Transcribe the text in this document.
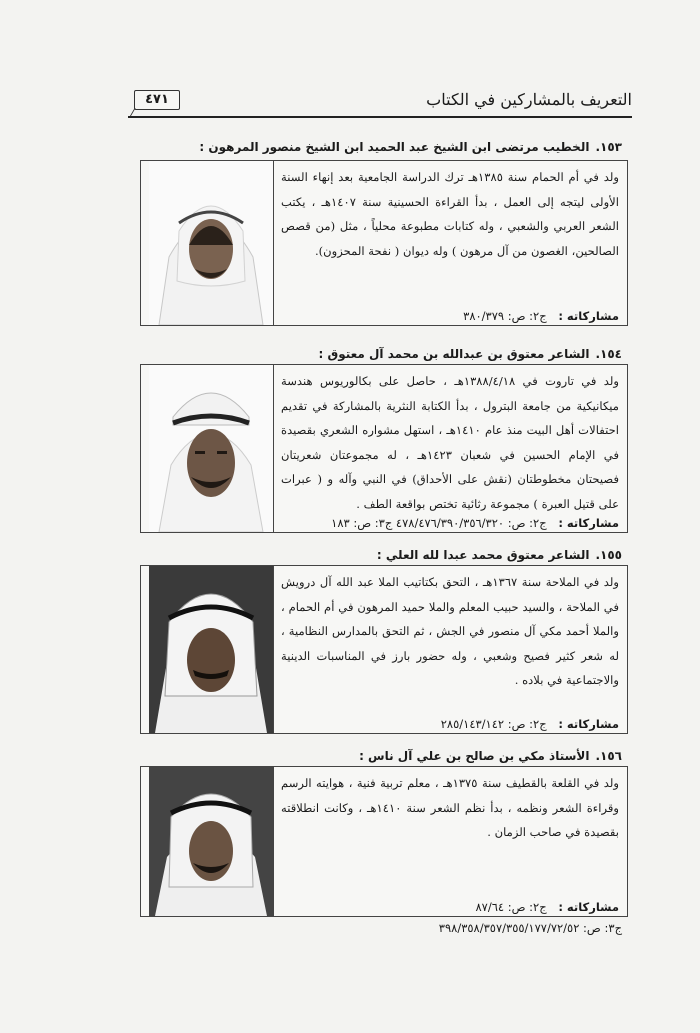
٤٧١	التعريف بالمشاركين في الكتاب
١٥٣.الخطيب مرتضى ابن الشيخ عبد الحميد ابن الشيخ منصور المرهون :
ولد في أم الحمام سنة ١٣٨٥هـ ترك الدراسة الجامعية بعد إنهاء السنة الأولى ليتجه إلى العمل ، بدأ القراءة الحسينية سنة ١٤٠٧هـ ، يكتب الشعر العربي والشعبي ، وله كتابات مطبوعة محلياً ، مثل (من قصص الصالحين، الغصون من آل مرهون ) وله ديوان ( نفحة المحزون).
مشاركاته : ج٢: ص: ٣٨٠/٣٧٩
١٥٤.الشاعر معتوق بن عبدالله بن محمد آل معتوق :
ولد في تاروت في ١٣٨٨/٤/١٨هـ ، حاصل على بكالوريوس هندسة ميكانيكية من جامعة البترول ، بدأ الكتابة النثرية بالمشاركة في تقديم احتفالات أهل البيت منذ عام ١٤١٠هـ ، استهل مشواره الشعري بقصيدة في الإمام الحسين في شعبان ١٤٢٣هـ ، له مجموعتان شعريتان فصيحتان مخطوطتان (نقش على الأحداق) في النبي وآله و ( عبرات على قتيل العبرة ) مجموعة رثائية تختص بواقعة الطف .
مشاركاته : ج٢: ص: ٤٧٨/٤٧٦/٣٩٠/٣٥٦/٣٢٠ ج٣: ص: ١٨٣
١٥٥.الشاعر معتوق محمد عبدا لله العلي :
ولد في الملاحة سنة ١٣٦٧هـ ، التحق بكتاتيب الملا عبد الله آل درويش في الملاحة ، والسيد حبيب المعلم والملا حميد المرهون في أم الحمام ، والملا أحمد مكي آل منصور في الجش ، ثم التحق بالمدارس النظامية ، له شعر كثير فصيح وشعبي ، وله حضور بارز في المناسبات الدينية والاجتماعية في بلاده .
مشاركاته : ج٢: ص: ٢٨٥/١٤٣/١٤٢
١٥٦.الأستاذ مكي بن صالح بن علي آل ناس :
ولد في القلعة بالقطيف سنة ١٣٧٥هـ ، معلم تربية فنية ، هوايته الرسم وقراءة الشعر ونظمه ، بدأ نظم الشعر سنة ١٤١٠هـ ، وكانت انطلاقته بقصيدة في صاحب الزمان .
مشاركاته : ج٢: ص: ٨٧/٦٤
ج٣: ص: ٣٩٨/٣٥٨/٣٥٧/٣٥٥/١٧٧/٧٢/٥٢
